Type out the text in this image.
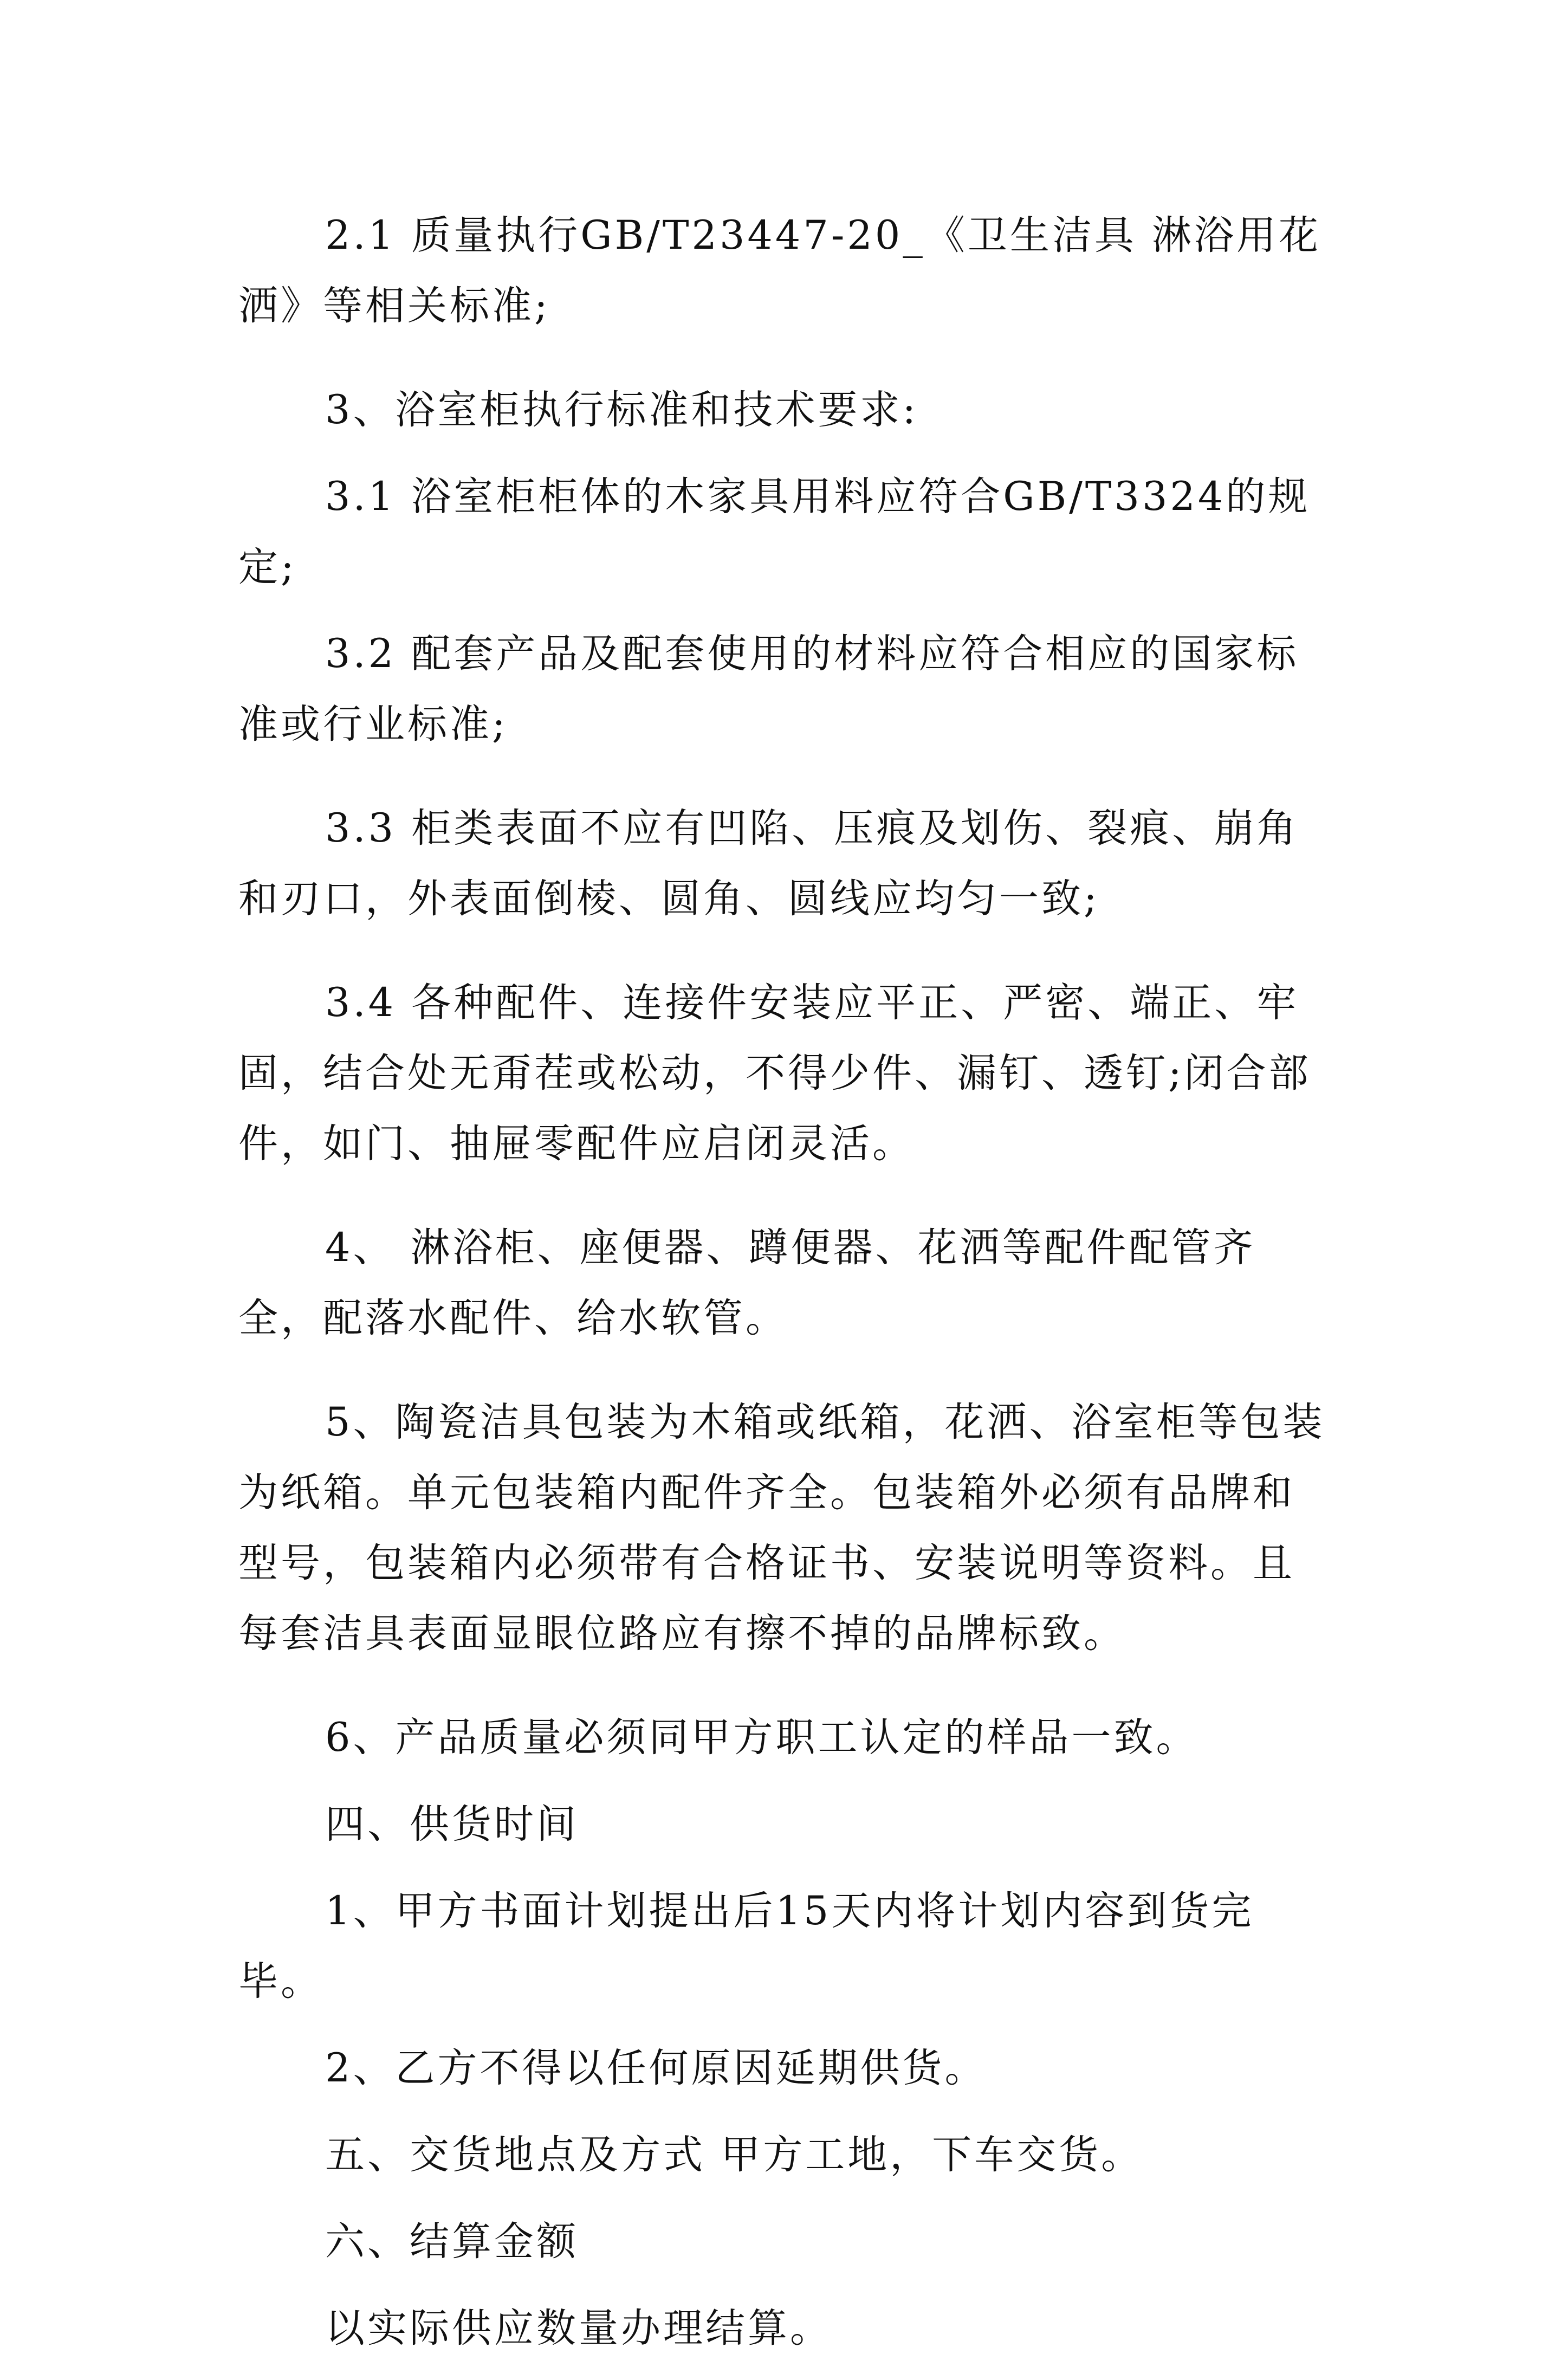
2.1 质量执行GB/T23447-20_《卫生洁具 淋浴用花洒》等相关标准;

3、浴室柜执行标准和技术要求:

3.1 浴室柜柜体的木家具用料应符合GB/T3324的规定;

3.2 配套产品及配套使用的材料应符合相应的国家标准或行业标准;

3.3 柜类表面不应有凹陷、压痕及划伤、裂痕、崩角和刃口，外表面倒棱、圆角、圆线应均匀一致;

3.4 各种配件、连接件安装应平正、严密、端正、牢固，结合处无甭茬或松动，不得少件、漏钉、透钉;闭合部件，如门、抽屉零配件应启闭灵活。

4、 淋浴柜、座便器、蹲便器、花洒等配件配管齐全，配落水配件、给水软管。

5、陶瓷洁具包装为木箱或纸箱，花洒、浴室柜等包装为纸箱。单元包装箱内配件齐全。包装箱外必须有品牌和型号，包装箱内必须带有合格证书、安装说明等资料。且每套洁具表面显眼位路应有擦不掉的品牌标致。

6、产品质量必须同甲方职工认定的样品一致。

四、供货时间

1、甲方书面计划提出后15天内将计划内容到货完毕。

2、乙方不得以任何原因延期供货。

五、交货地点及方式 甲方工地，下车交货。

六、结算金额

以实际供应数量办理结算。
